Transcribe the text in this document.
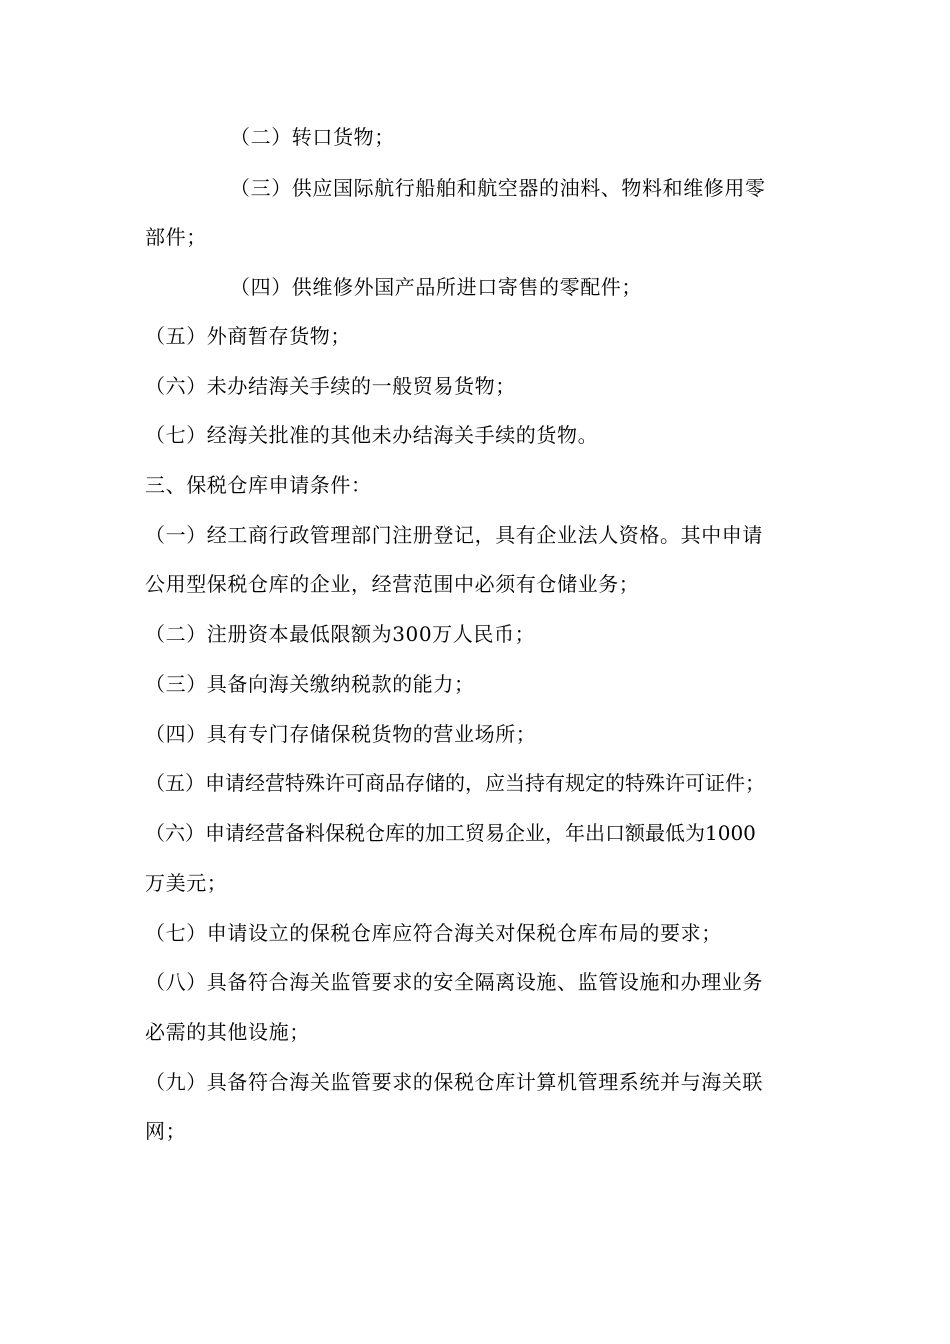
（二）转口货物；
（三）供应国际航行船舶和航空器的油料、物料和维修用零
部件；
（四）供维修外国产品所进口寄售的零配件；
（五）外商暂存货物；
（六）未办结海关手续的一般贸易货物；
（七）经海关批准的其他未办结海关手续的货物。
三、保税仓库申请条件：
（一）经工商行政管理部门注册登记，具有企业法人资格。其中申请
公用型保税仓库的企业，经营范围中必须有仓储业务；
（二）注册资本最低限额为300万人民币；
（三）具备向海关缴纳税款的能力；
（四）具有专门存储保税货物的营业场所；
（五）申请经营特殊许可商品存储的，应当持有规定的特殊许可证件；
（六）申请经营备料保税仓库的加工贸易企业，年出口额最低为1000
万美元；
（七）申请设立的保税仓库应符合海关对保税仓库布局的要求；
（八）具备符合海关监管要求的安全隔离设施、监管设施和办理业务
必需的其他设施；
（九）具备符合海关监管要求的保税仓库计算机管理系统并与海关联
网；
